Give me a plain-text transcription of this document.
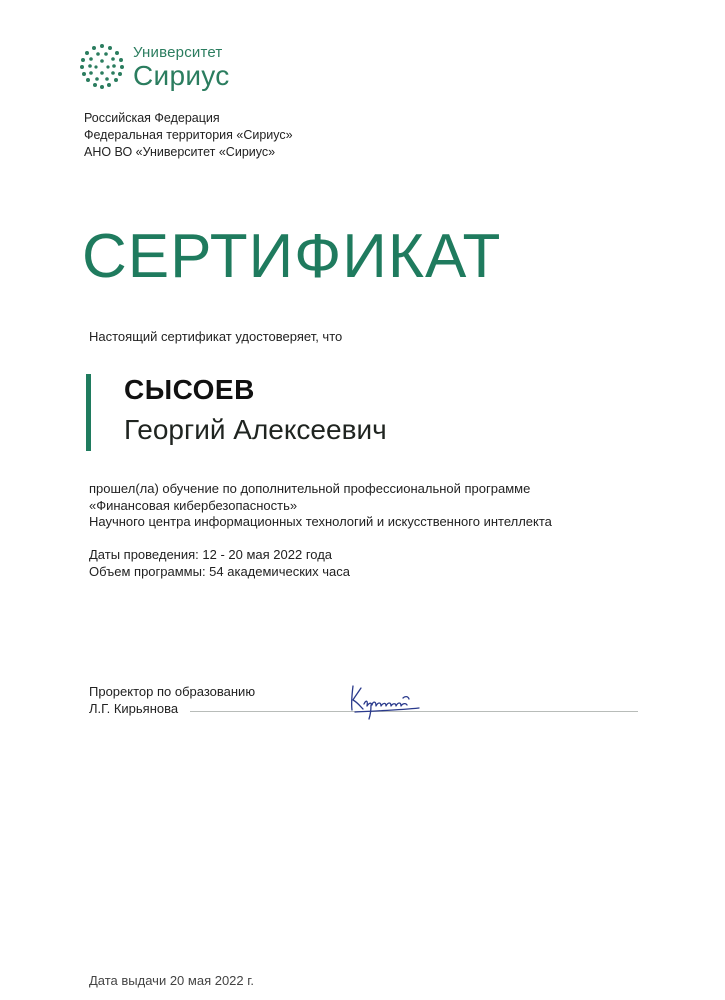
Университет
Сириус
Российская Федерация
Федеральная территория «Сириус»
АНО ВО «Университет «Сириус»
СЕРТИФИКАТ
Настоящий сертификат удостоверяет, что
СЫСОЕВ
Георгий Алексеевич
прошел(ла) обучение по дополнительной профессиональной программе
«Финансовая кибербезопасность»
Научного центра информационных технологий и искусственного интеллекта
Даты проведения: 12 - 20 мая 2022 года
Объем программы: 54 академических часа
Проректор по образованию
Л.Г. Кирьянова
Дата выдачи 20 мая 2022 г.
